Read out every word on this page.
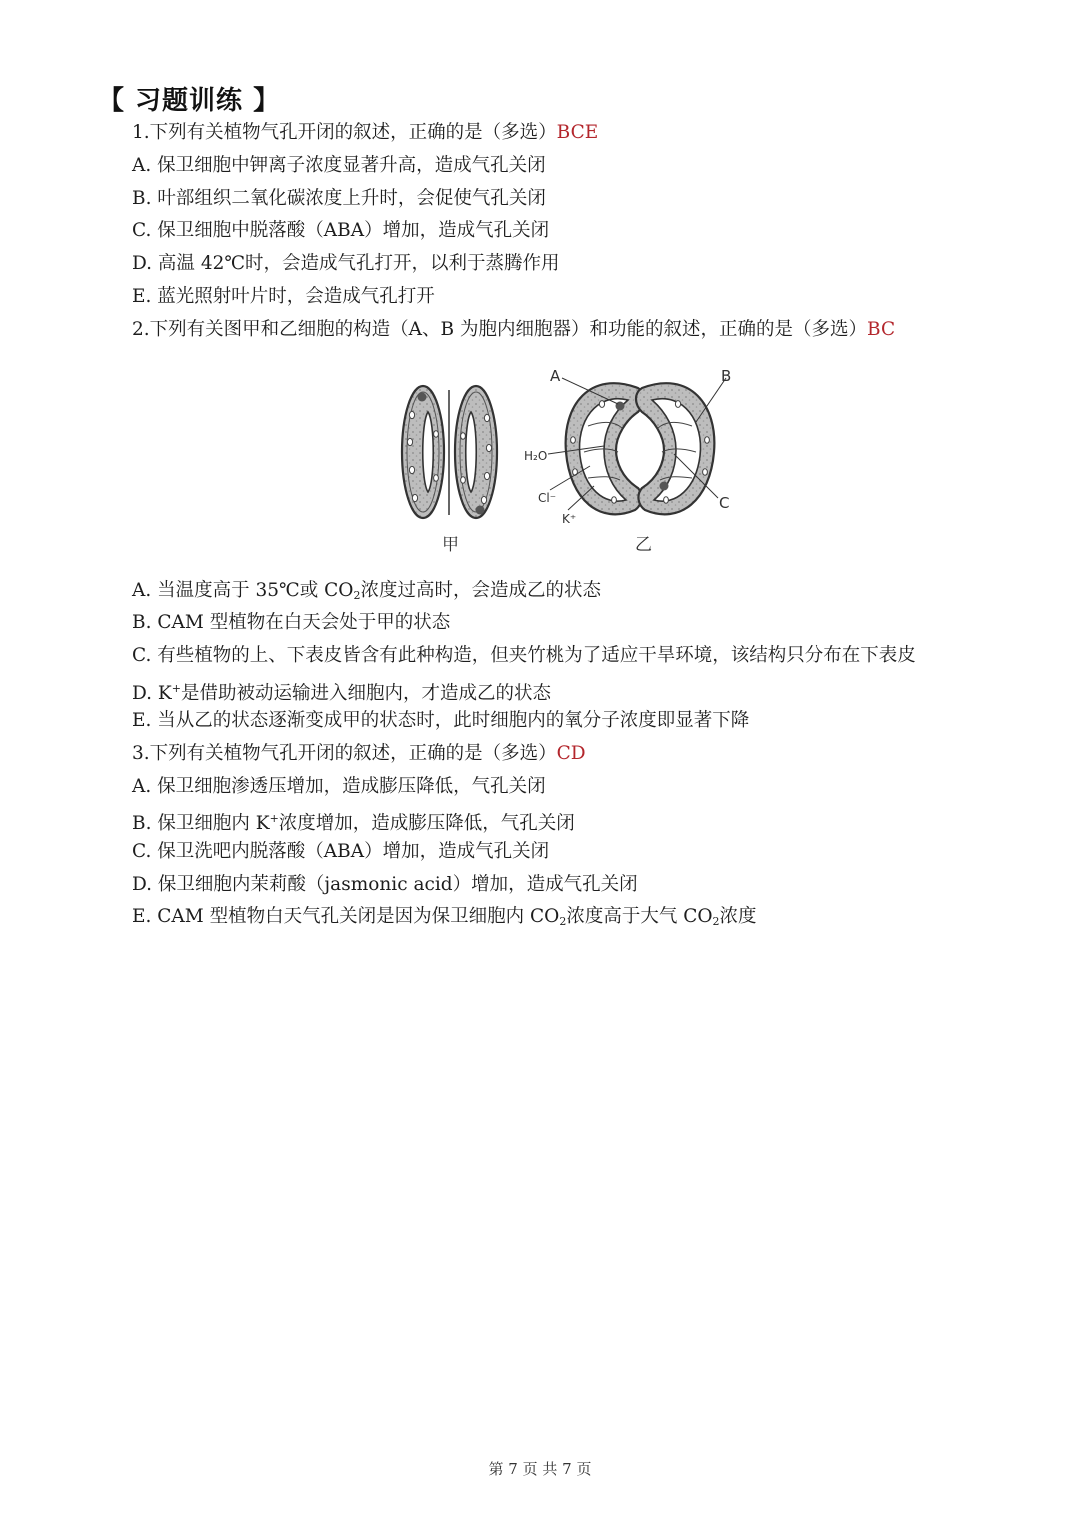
【 习题训练 】
1.下列有关植物气孔开闭的叙述，正确的是（多选）BCE
A. 保卫细胞中钾离子浓度显著升高，造成气孔关闭
B. 叶部组织二氧化碳浓度上升时，会促使气孔关闭
C. 保卫细胞中脱落酸（ABA）增加，造成气孔关闭
D. 高温 42℃时，会造成气孔打开，以利于蒸腾作用
E. 蓝光照射叶片时，会造成气孔打开
2.下列有关图甲和乙细胞的构造（A、B 为胞内细胞器）和功能的叙述，正确的是（多选）BC
A	B
C
H₂O
Cl⁻
K⁺
甲	乙
A. 当温度高于 35℃或 $CO_2$浓度过高时，会造成乙的状态
B. CAM 型植物在白天会处于甲的状态
C. 有些植物的上、下表皮皆含有此种构造，但夹竹桃为了适应干旱环境，该结构只分布在下表皮
D. K+是借助被动运输进入细胞内，才造成乙的状态
E. 当从乙的状态逐渐变成甲的状态时，此时细胞内的氧分子浓度即显著下降
3.下列有关植物气孔开闭的叙述，正确的是（多选）CD
A. 保卫细胞渗透压增加，造成膨压降低，气孔关闭
B. 保卫细胞内 K+浓度增加，造成膨压降低，气孔关闭
C. 保卫洗吧内脱落酸（ABA）增加，造成气孔关闭
D. 保卫细胞内茉莉酸（jasmonic acid）增加，造成气孔关闭
E. CAM 型植物白天气孔关闭是因为保卫细胞内 $CO_2$浓度高于大气 $CO_2$浓度
第 7 页 共 7 页
